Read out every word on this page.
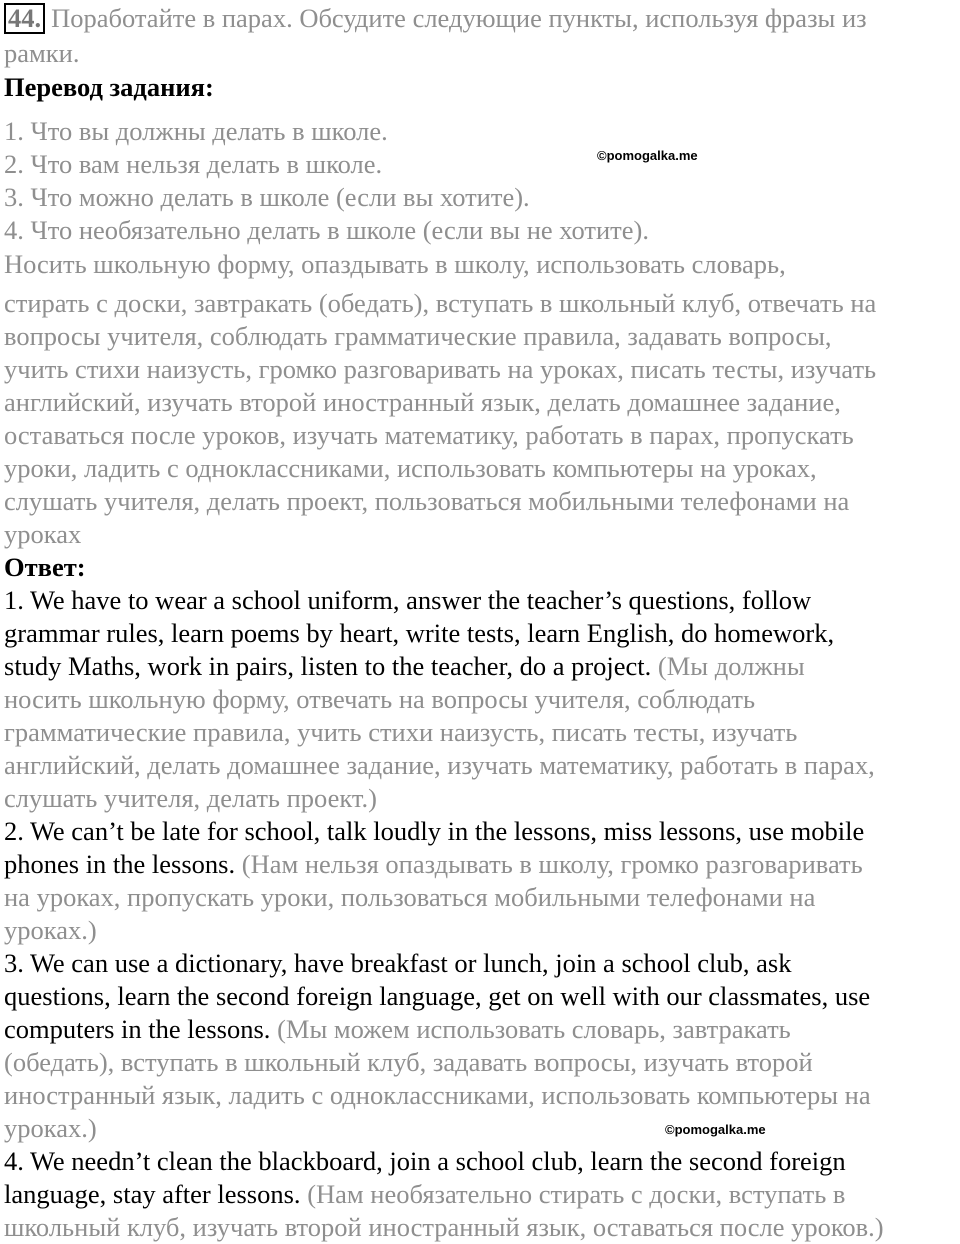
44. Поработайте в парах. Обсудите следующие пункты, используя фразы из
рамки.
Перевод задания:
1. Что вы должны делать в школе.
2. Что вам нельзя делать в школе.
3. Что можно делать в школе (если вы хотите).
4. Что необязательно делать в школе (если вы не хотите).
©pomogalka.me
Носить школьную форму, опаздывать в школу, использовать словарь,
стирать с доски, завтракать (обедать), вступать в школьный клуб, отвечать на
вопросы учителя, соблюдать грамматические правила, задавать вопросы,
учить стихи наизусть, громко разговаривать на уроках, писать тесты, изучать
английский, изучать второй иностранный язык, делать домашнее задание,
оставаться после уроков, изучать математику, работать в парах, пропускать
уроки, ладить с одноклассниками, использовать компьютеры на уроках,
слушать учителя, делать проект, пользоваться мобильными телефонами на
уроках
Ответ:
1. We have to wear a school uniform, answer the teacher’s questions, follow
grammar rules, learn poems by heart, write tests, learn English, do homework,
study Maths, work in pairs, listen to the teacher, do a project. (Мы должны
носить школьную форму, отвечать на вопросы учителя, соблюдать
грамматические правила, учить стихи наизусть, писать тесты, изучать
английский, делать домашнее задание, изучать математику, работать в парах,
слушать учителя, делать проект.)
2. We can’t be late for school, talk loudly in the lessons, miss lessons, use mobile
phones in the lessons. (Нам нельзя опаздывать в школу, громко разговаривать
на уроках, пропускать уроки, пользоваться мобильными телефонами на
уроках.)
3. We can use a dictionary, have breakfast or lunch, join a school club, ask
questions, learn the second foreign language, get on well with our classmates, use
computers in the lessons. (Мы можем использовать словарь, завтракать
(обедать), вступать в школьный клуб, задавать вопросы, изучать второй
иностранный язык, ладить с одноклассниками, использовать компьютеры на
уроках.)	©pomogalka.me
4. We needn’t clean the blackboard, join a school club, learn the second foreign
language, stay after lessons. (Нам необязательно стирать с доски, вступать в
школьный клуб, изучать второй иностранный язык, оставаться после уроков.)
